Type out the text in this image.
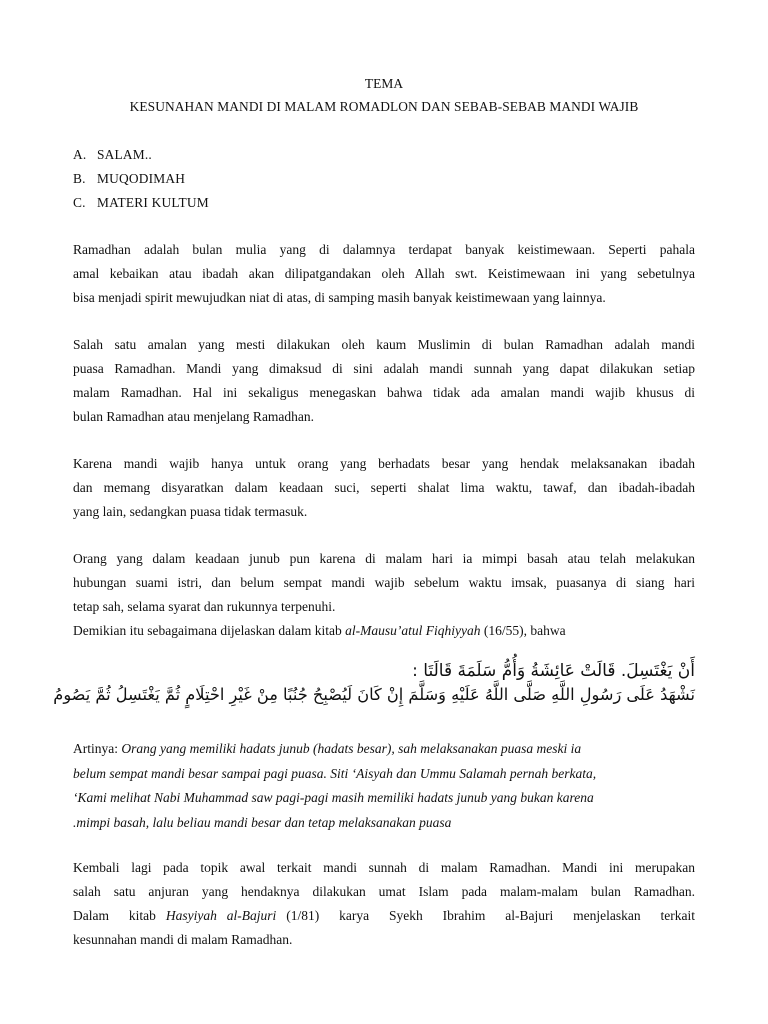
TEMA
KESUNAHAN MANDI DI MALAM ROMADLON DAN SEBAB-SEBAB MANDI WAJIB
A. SALAM..
B. MUQODIMAH
C. MATERI KULTUM
Ramadhan adalah bulan mulia yang di dalamnya terdapat banyak keistimewaan. Seperti pahala
amal kebaikan atau ibadah akan dilipatgandakan oleh Allah swt. Keistimewaan ini yang sebetulnya
bisa menjadi spirit mewujudkan niat di atas, di samping masih banyak keistimewaan yang lainnya.
Salah satu amalan yang mesti dilakukan oleh kaum Muslimin di bulan Ramadhan adalah mandi
puasa Ramadhan. Mandi yang dimaksud di sini adalah mandi sunnah yang dapat dilakukan setiap
malam Ramadhan. Hal ini sekaligus menegaskan bahwa tidak ada amalan mandi wajib khusus di
bulan Ramadhan atau menjelang Ramadhan.
Karena mandi wajib hanya untuk orang yang berhadats besar yang hendak melaksanakan ibadah
dan memang disyaratkan dalam keadaan suci, seperti shalat lima waktu, tawaf, dan ibadah-ibadah
yang lain, sedangkan puasa tidak termasuk.
Orang yang dalam keadaan junub pun karena di malam hari ia mimpi basah atau telah melakukan
hubungan suami istri, dan belum sempat mandi wajib sebelum waktu imsak, puasanya di siang hari
tetap sah, selama syarat dan rukunnya terpenuhi.
Demikian itu sebagaimana dijelaskan dalam kitab al-Mausu’atul Fiqhiyyah (16/55), bahwa
أَنْ يَغْتَسِلَ. قَالَتْ عَائِشَةُ وَأُمُّ سَلَمَةَ قَالَتَا :
نَشْهَدُ عَلَى رَسُولِ اللَّهِ صَلَّى اللَّهُ عَلَيْهِ وَسَلَّمَ إِنْ كَانَ لَيُصْبِحُ جُنُبًا مِنْ غَيْرِ احْتِلَامٍ ثُمَّ يَغْتَسِلُ ثُمَّ يَصُومُ
Artinya: Orang yang memiliki hadats junub (hadats besar), sah melaksanakan puasa meski ia
belum sempat mandi besar sampai pagi puasa. Siti ‘Aisyah dan Ummu Salamah pernah berkata,
‘Kami melihat Nabi Muhammad saw pagi-pagi masih memiliki hadats junub yang bukan karena
.mimpi basah, lalu beliau mandi besar dan tetap melaksanakan puasa
Kembali lagi pada topik awal terkait mandi sunnah di malam Ramadhan. Mandi ini merupakan
salah satu anjuran yang hendaknya dilakukan umat Islam pada malam-malam bulan Ramadhan.
Dalam  kitab Hasyiyah al-Bajuri (1/81)  karya  Syekh  Ibrahim  al-Bajuri  menjelaskan  terkait
kesunnahan mandi di malam Ramadhan.
